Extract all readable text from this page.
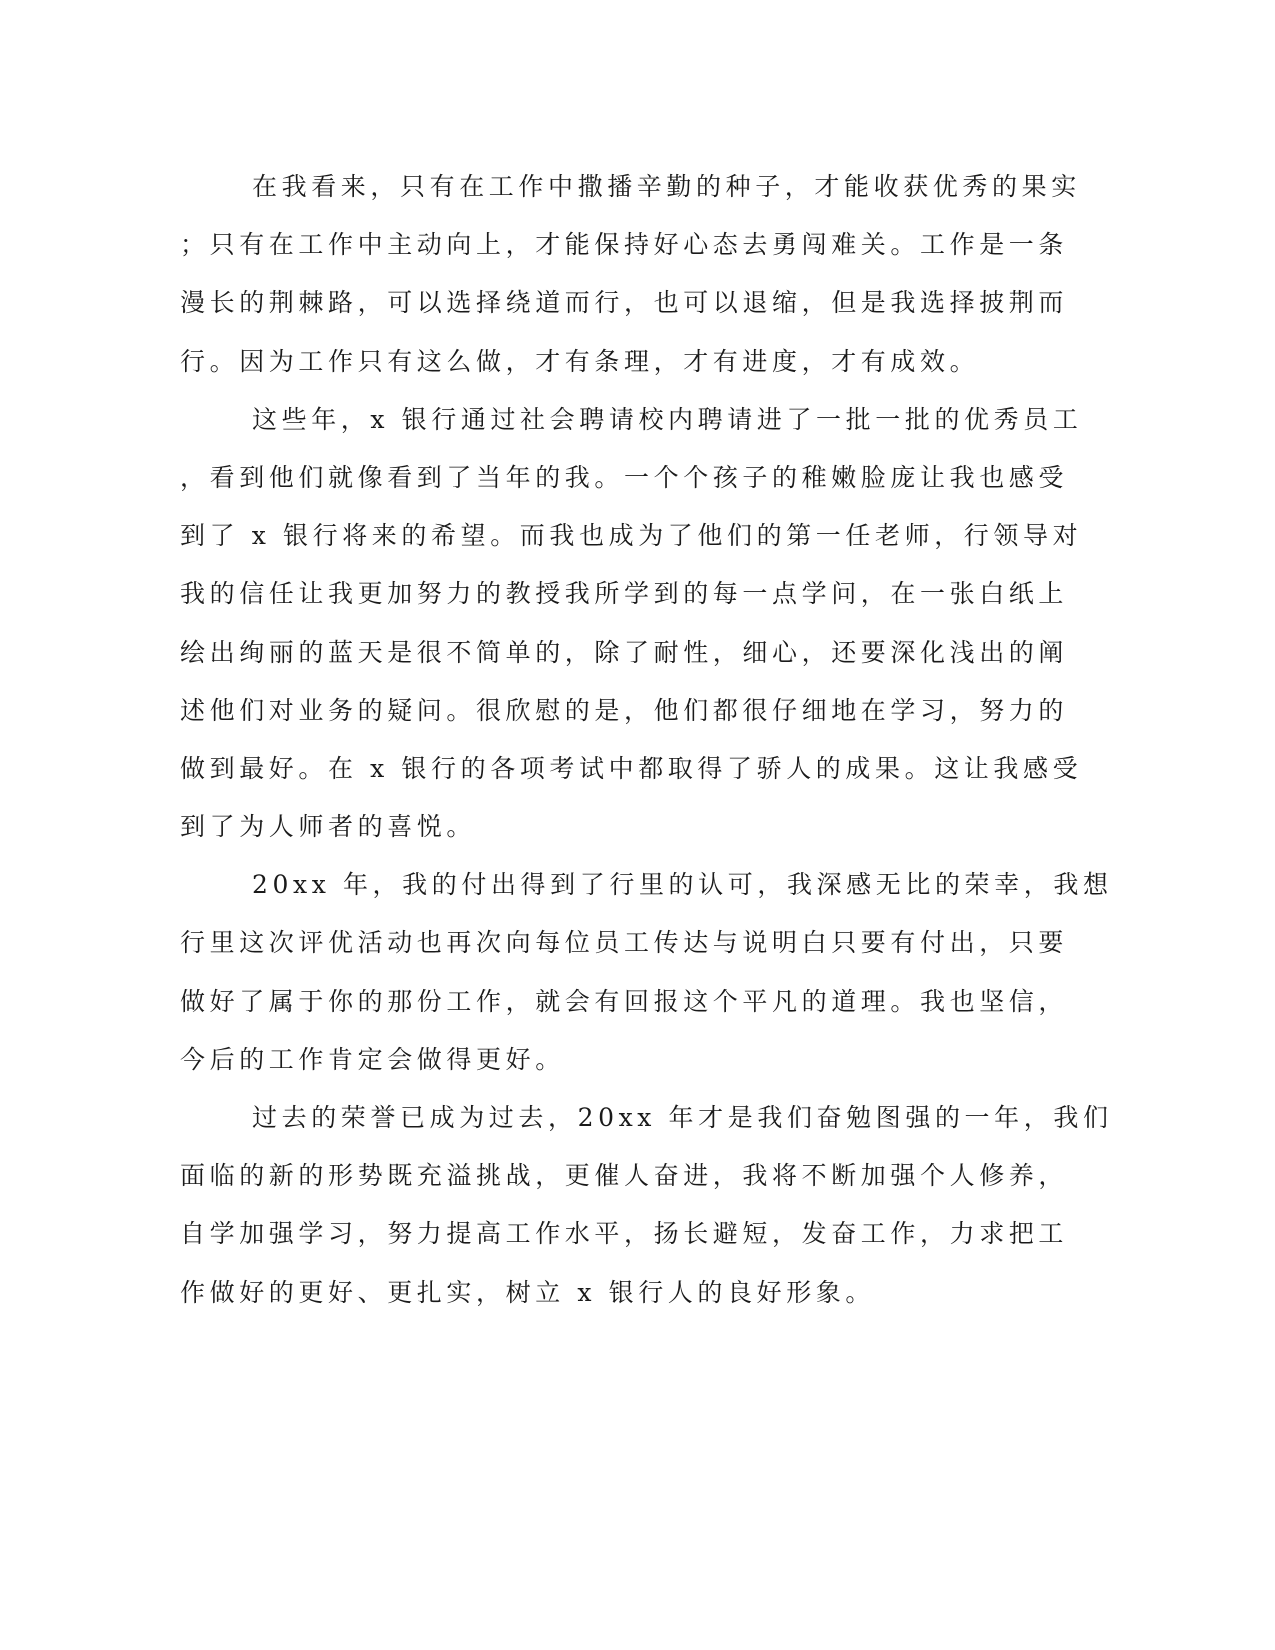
在我看来，只有在工作中撒播辛勤的种子，才能收获优秀的果实
；只有在工作中主动向上，才能保持好心态去勇闯难关。工作是一条
漫长的荆棘路，可以选择绕道而行，也可以退缩，但是我选择披荆而
行。因为工作只有这么做，才有条理，才有进度，才有成效。

这些年，x 银行通过社会聘请校内聘请进了一批一批的优秀员工
，看到他们就像看到了当年的我。一个个孩子的稚嫩脸庞让我也感受
到了 x 银行将来的希望。而我也成为了他们的第一任老师，行领导对
我的信任让我更加努力的教授我所学到的每一点学问，在一张白纸上
绘出绚丽的蓝天是很不简单的，除了耐性，细心，还要深化浅出的阐
述他们对业务的疑问。很欣慰的是，他们都很仔细地在学习，努力的
做到最好。在 x 银行的各项考试中都取得了骄人的成果。这让我感受
到了为人师者的喜悦。

20xx 年，我的付出得到了行里的认可，我深感无比的荣幸，我想
行里这次评优活动也再次向每位员工传达与说明白只要有付出，只要
做好了属于你的那份工作，就会有回报这个平凡的道理。我也坚信，
今后的工作肯定会做得更好。

过去的荣誉已成为过去，20xx 年才是我们奋勉图强的一年，我们
面临的新的形势既充溢挑战，更催人奋进，我将不断加强个人修养，
自学加强学习，努力提高工作水平，扬长避短，发奋工作，力求把工
作做好的更好、更扎实，树立 x 银行人的良好形象。
